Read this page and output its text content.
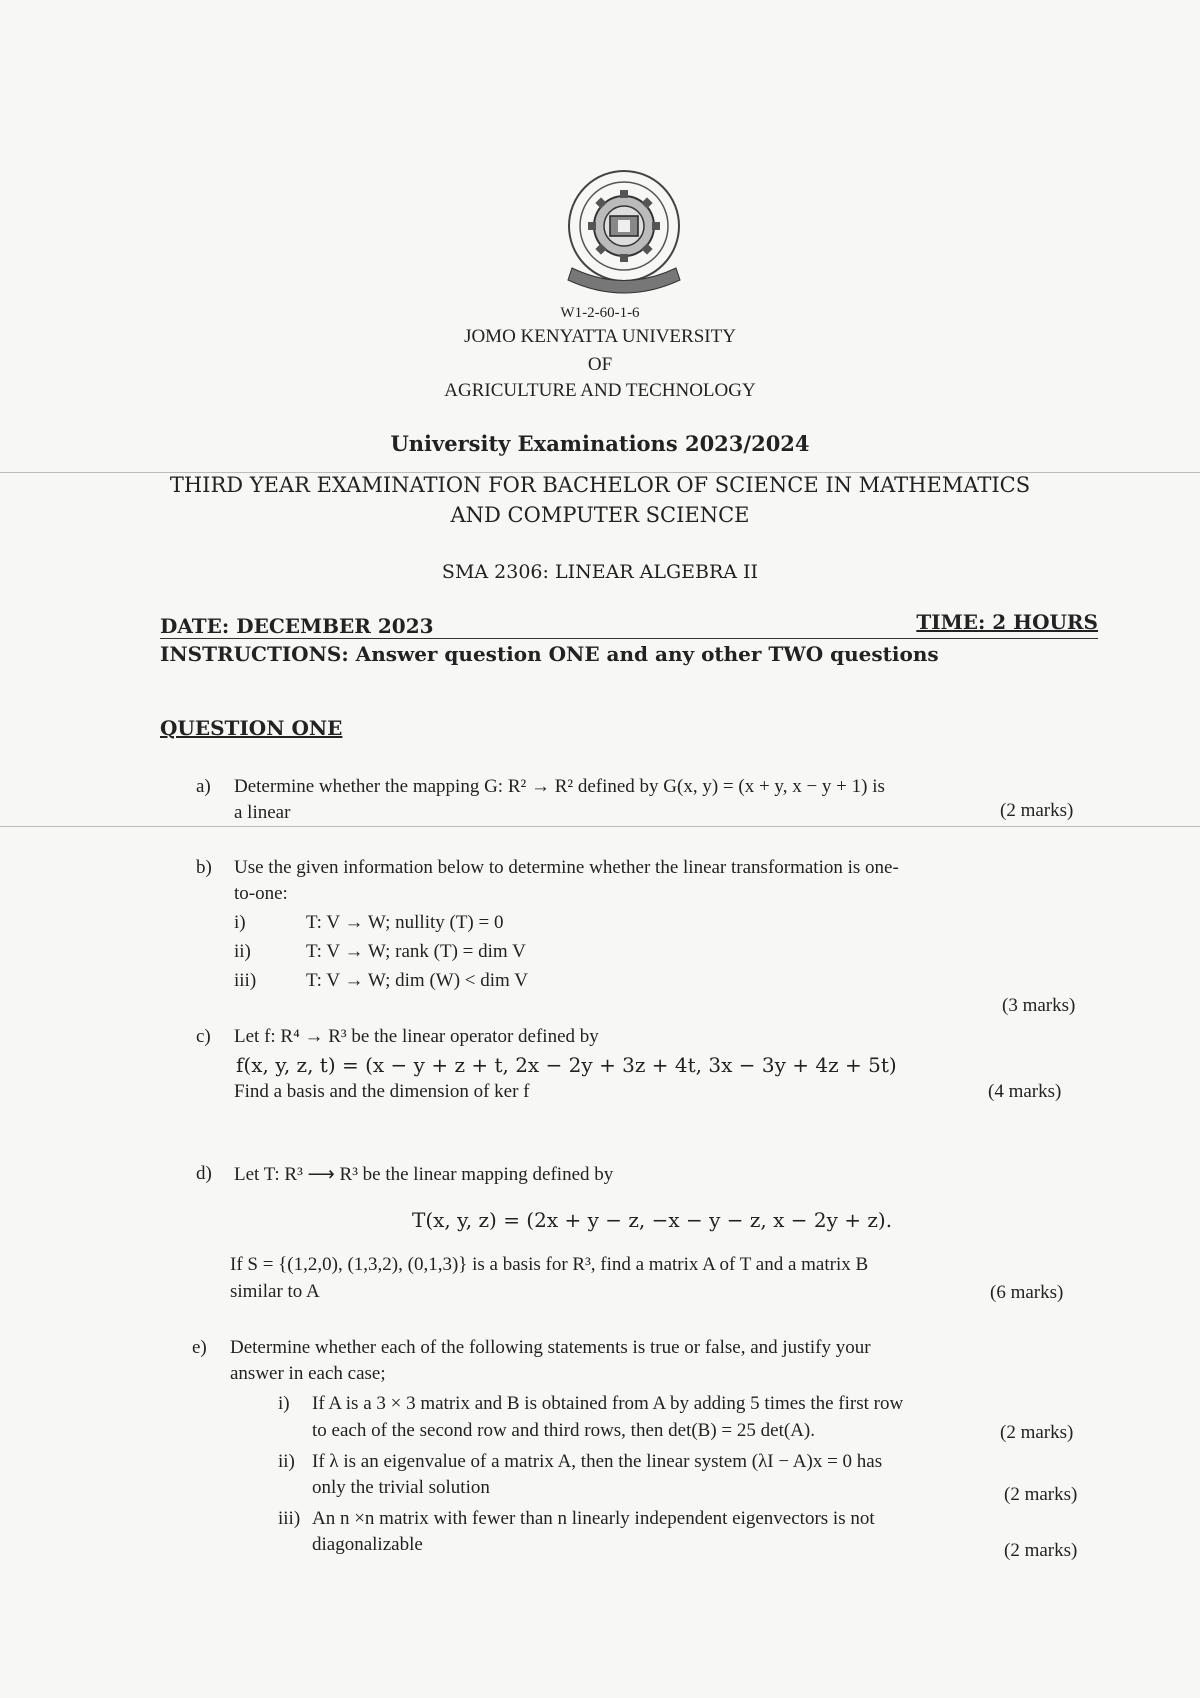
W1-2-60-1-6
JOMO KENYATTA UNIVERSITY
OF
AGRICULTURE AND TECHNOLOGY
University Examinations 2023/2024
THIRD YEAR EXAMINATION FOR BACHELOR OF SCIENCE IN MATHEMATICS
AND COMPUTER SCIENCE
SMA 2306: LINEAR ALGEBRA II
DATE: DECEMBER 2023	TIME: 2 HOURS
INSTRUCTIONS: Answer question ONE and any other TWO questions
QUESTION ONE
a) Determine whether the mapping G: R² → R² defined by G(x, y) = (x + y, x − y + 1) is
a linear	(2 marks)
b) Use the given information below to determine whether the linear transformation is one-
to-one:
i)	T: V → W; nullity (T) = 0
ii)	T: V → W; rank (T) = dim V
iii)	T: V → W; dim (W) < dim V
(3 marks)
c) Let f: R⁴ → R³ be the linear operator defined by
f(x, y, z, t) = (x − y + z + t, 2x − 2y + 3z + 4t, 3x − 3y + 4z + 5t)
Find a basis and the dimension of ker f	(4 marks)
d) Let T: R³ ⟶ R³ be the linear mapping defined by
T(x, y, z) = (2x + y − z, −x − y − z, x − 2y + z).
If S = {(1,2,0), (1,3,2), (0,1,3)} is a basis for R³, find a matrix A of T and a matrix B
similar to A	(6 marks)
e) Determine whether each of the following statements is true or false, and justify your
answer in each case;
i) If A is a 3 × 3 matrix and B is obtained from A by adding 5 times the first row
to each of the second row and third rows, then det(B) = 25 det(A).	(2 marks)
ii) If λ is an eigenvalue of a matrix A, then the linear system (λI − A)x = 0 has
only the trivial solution	(2 marks)
iii) An n ×n matrix with fewer than n linearly independent eigenvectors is not
diagonalizable	(2 marks)
